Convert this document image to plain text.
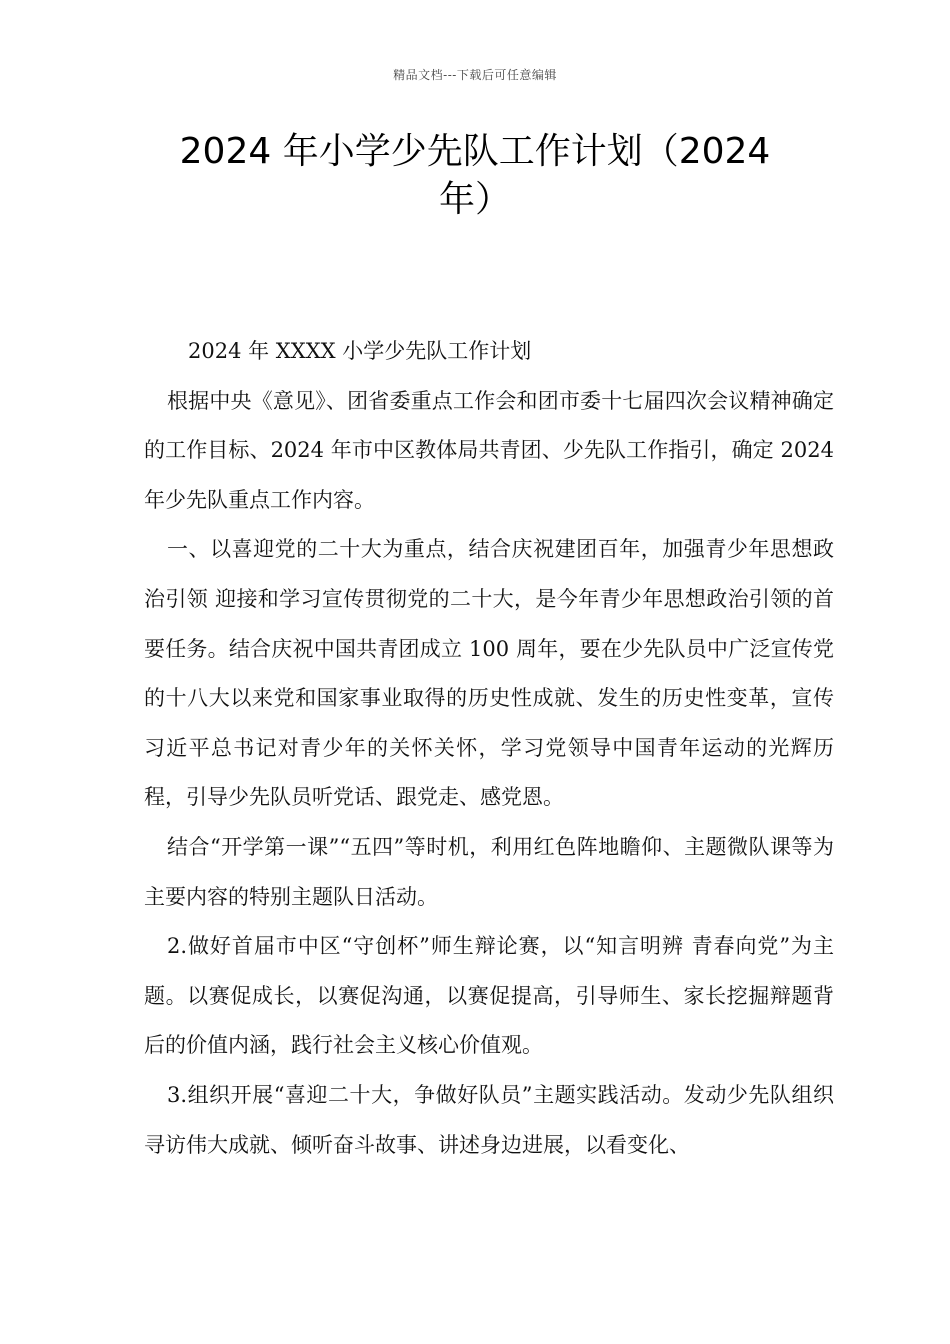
精品文档---下载后可任意编辑
2024 年小学少先队工作计划（2024 年）

2024 年 XXXX 小学少先队工作计划

根据中央《意见》、团省委重点工作会和团市委十七届四次会议精神确定的工作目标、2024 年市中区教体局共青团、少先队工作指引，确定 2024 年少先队重点工作内容。

一、以喜迎党的二十大为重点，结合庆祝建团百年，加强青少年思想政治引领 迎接和学习宣传贯彻党的二十大，是今年青少年思想政治引领的首要任务。结合庆祝中国共青团成立 100 周年，要在少先队员中广泛宣传党的十八大以来党和国家事业取得的历史性成就、发生的历史性变革，宣传习近平总书记对青少年的关怀关怀，学习党领导中国青年运动的光辉历程，引导少先队员听党话、跟党走、感党恩。

结合“开学第一课”“五四”等时机，利用红色阵地瞻仰、主题微队课等为主要内容的特别主题队日活动。

2.做好首届市中区“守创杯”师生辩论赛，以“知言明辨 青春向党”为主题。以赛促成长，以赛促沟通，以赛促提高，引导师生、家长挖掘辩题背后的价值内涵，践行社会主义核心价值观。

3.组织开展“喜迎二十大，争做好队员”主题实践活动。发动少先队组织寻访伟大成就、倾听奋斗故事、讲述身边进展，以看变化、
